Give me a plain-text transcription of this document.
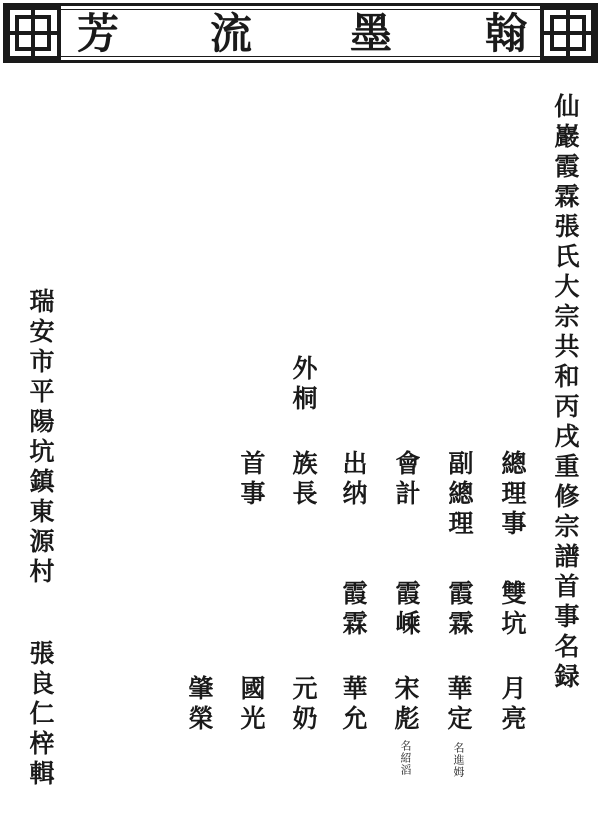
芳 流 墨 翰
仙巖霞霖張氏大宗共和丙戌重修宗譜首事名録
總理事
雙坑
月亮
副總理
霞霖
華定
名進姆
會計
霞嵊
宋彪
名紹滔
出纳
霞霖
華允
外桐
族長
元奶
首事
國光
肇榮
瑞安市平陽坑鎮東源村
張良仁梓輯
